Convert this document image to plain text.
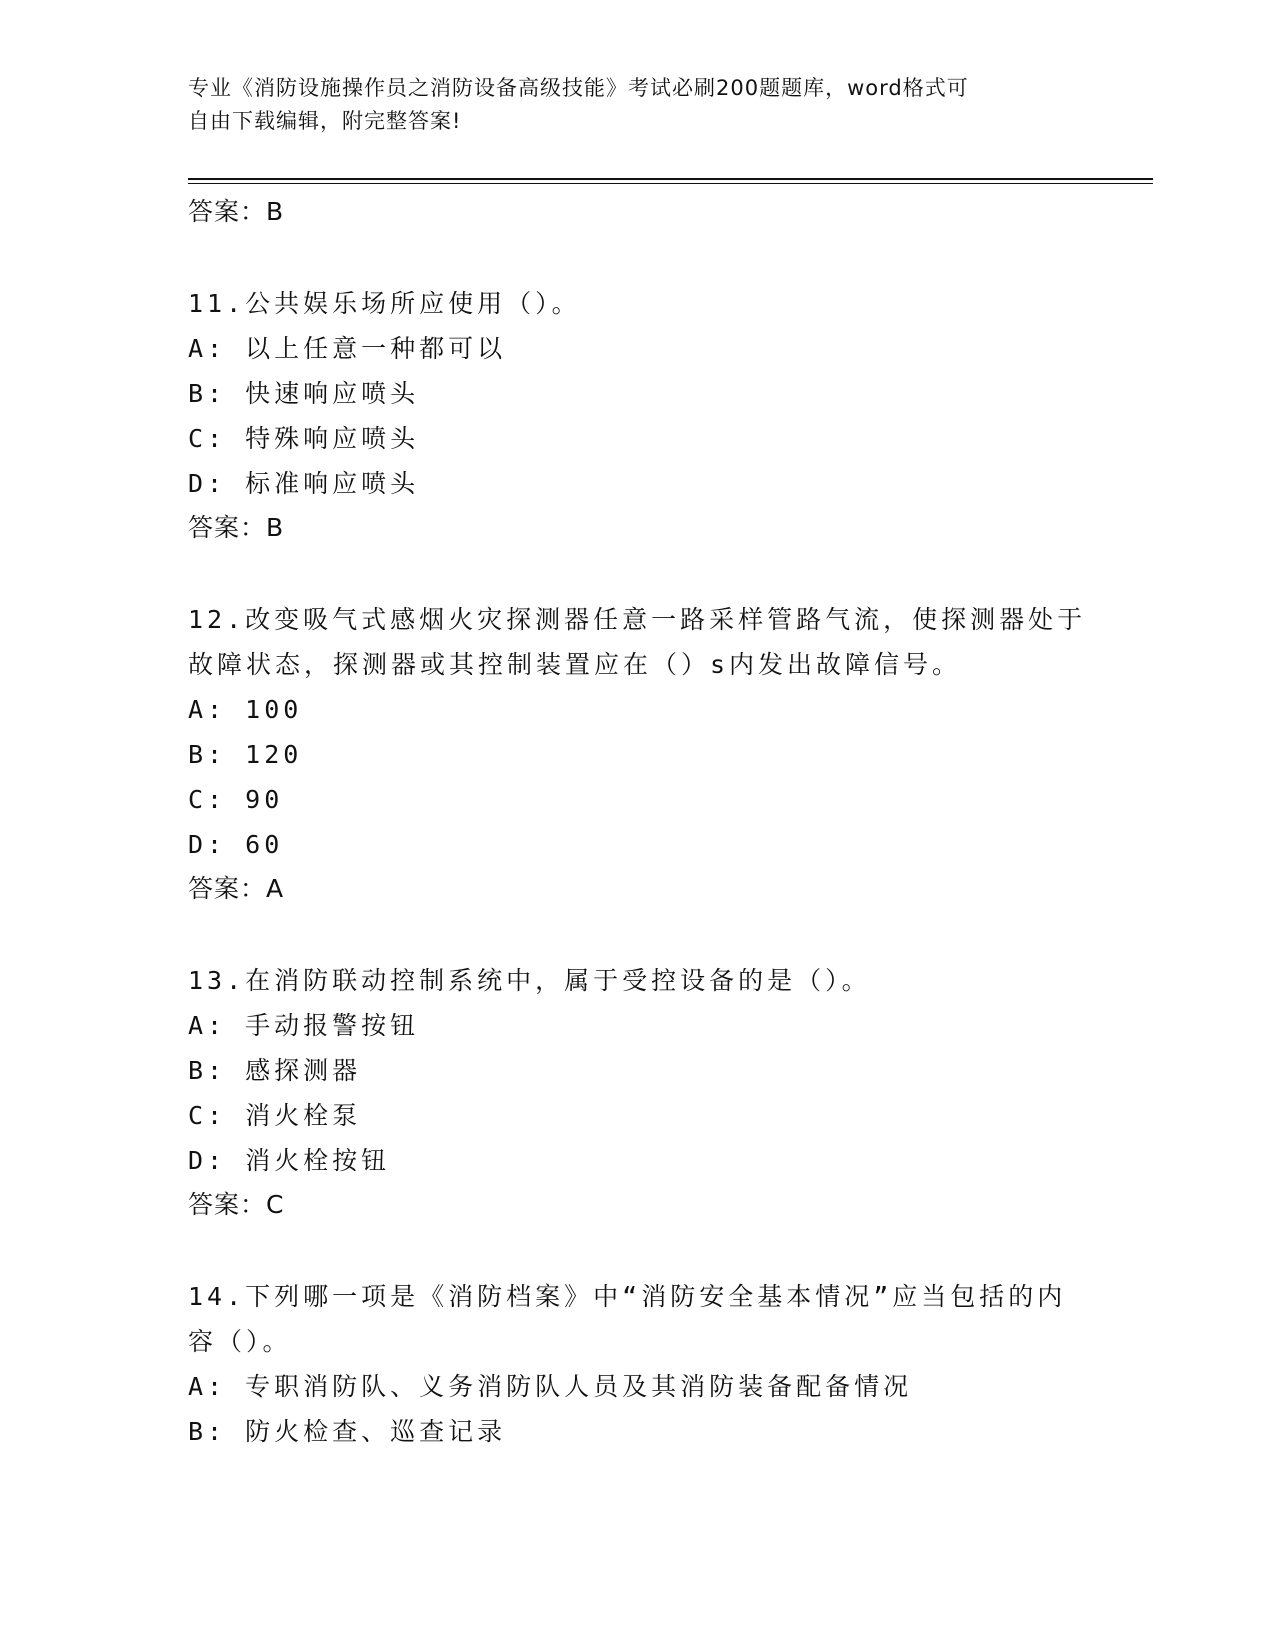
专业《消防设施操作员之消防设备高级技能》考试必刷200题题库，word格式可
自由下载编辑，附完整答案!
答案：B
11.公共娱乐场所应使用（）。
A: 以上任意一种都可以
B: 快速响应喷头
C: 特殊响应喷头
D: 标准响应喷头
答案：B
12.改变吸气式感烟火灾探测器任意一路采样管路气流，使探测器处于
故障状态，探测器或其控制装置应在（）s内发出故障信号。
A: 100
B: 120
C: 90
D: 60
答案：A
13.在消防联动控制系统中，属于受控设备的是（）。
A: 手动报警按钮
B: 感探测器
C: 消火栓泵
D: 消火栓按钮
答案：C
14.下列哪一项是《消防档案》中“消防安全基本情况”应当包括的内
容（）。
A: 专职消防队、义务消防队人员及其消防装备配备情况
B: 防火检查、巡查记录
